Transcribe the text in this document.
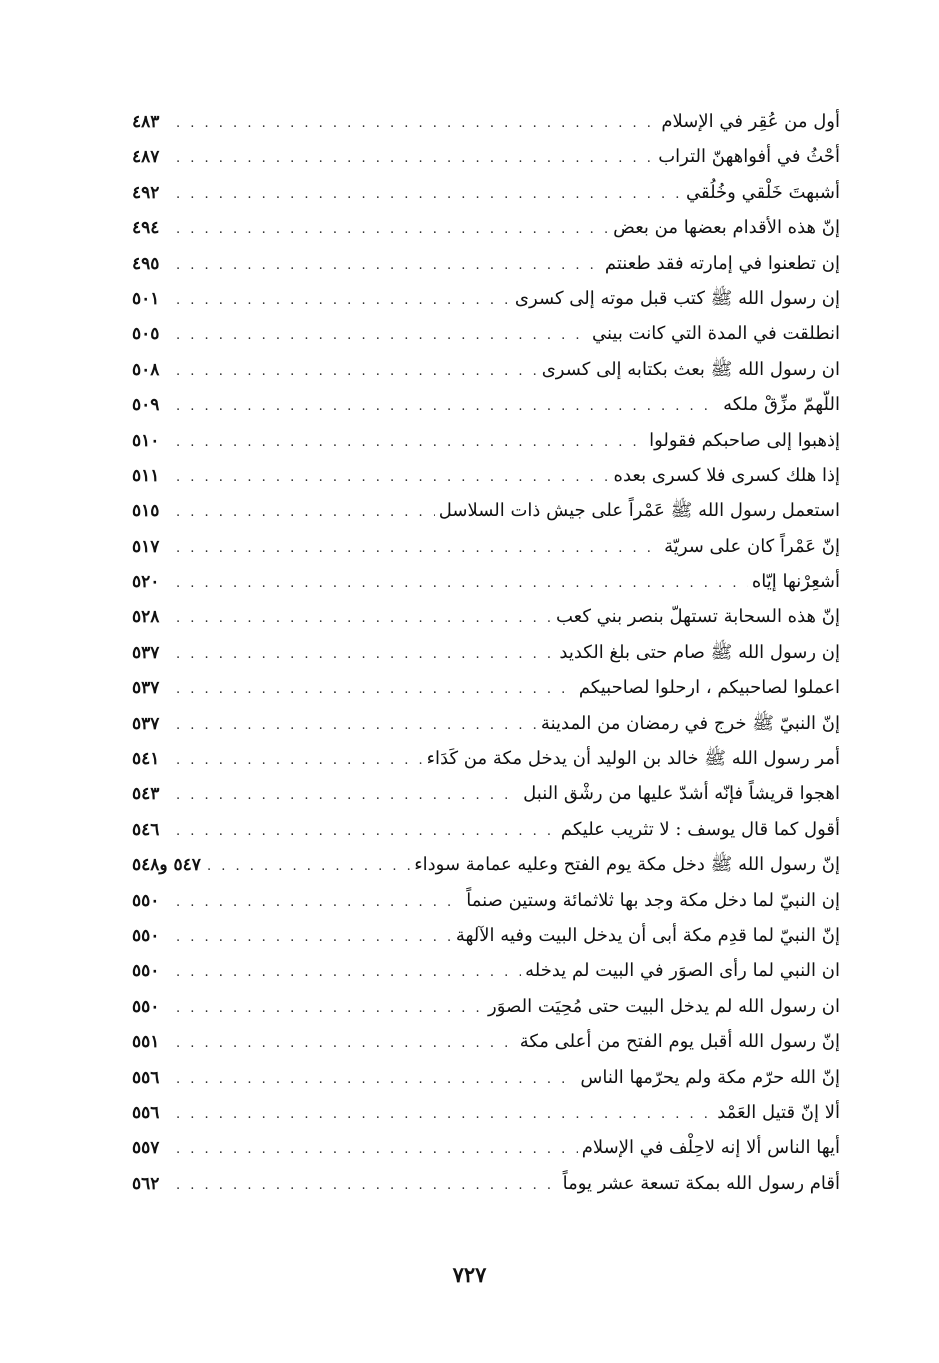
أول من عُقِر في الإسلام
. . .
٤٨٣
أحْثُ في أفواههنّ التراب
. . .
٤٨٧
أشبهتَ خَلْقي وخُلُقي
. . .
٤٩٢
إنّ هذه الأقدام بعضها من بعض
. . .
٤٩٤
إن تطعنوا في إمارته فقد طعنتم
. . .
٤٩٥
إن رسول الله ﷺ كتب قبل موته إلى كسرى
. . .
٥٠١
انطلقت في المدة التي كانت بيني
. . .
٥٠٥
ان رسول الله ﷺ بعث بكتابه إلى كسرى
. . .
٥٠٨
اللّهمّ مزِّقْ ملكه
. . .
٥٠٩
إذهبوا إلى صاحبكم فقولوا
. . .
٥١٠
إذا هلك كسرى فلا كسرى بعده
. . .
٥١١
استعمل رسول الله ﷺ عَمْراً على جيش ذات السلاسل
. . .
٥١٥
إنّ عَمْراً كان على سريّة
. . .
٥١٧
أشعِرْنها إيّاه
. . .
٥٢٠
إنّ هذه السحابة تستهلّ بنصر بني كعب
. . .
٥٢٨
إن رسول الله ﷺ صام حتى بلغ الكديد
. . .
٥٣٧
اعملوا لصاحبيكم ، ارحلوا لصاحبيكم
. . .
٥٣٧
إنّ النبيّ ﷺ خرج في رمضان من المدينة
. . .
٥٣٧
أمر رسول الله ﷺ خالد بن الوليد أن يدخل مكة من كَدَاء
. . .
٥٤١
اهجوا قريشاً فإنّه أشدّ عليها من رشْق النبل
. . .
٥٤٣
أقول كما قال يوسف : لا تثريب عليكم
. . .
٥٤٦
إنّ رسول الله ﷺ دخل مكة يوم الفتح وعليه عمامة سوداء
. . .
٥٤٧ و٥٤٨
إن النبيّ لما دخل مكة وجد بها ثلاثمائة وستين صنماً
. . .
٥٥٠
إنّ النبيّ لما قدِم مكة أبى أن يدخل البيت وفيه الآلهة
. . .
٥٥٠
ان النبي لما رأى الصوَر في البيت لم يدخله
. . .
٥٥٠
ان رسول الله لم يدخل البيت حتى مُحِيَت الصوَر
. . .
٥٥٠
إنّ رسول الله أقبل يوم الفتح من أعلى مكة
. . .
٥٥١
إنّ الله حرّم مكة ولم يحرّمها الناس
. . .
٥٥٦
ألا إنّ قتيل العَمْد
. . .
٥٥٦
أيها الناس ألا إنه لاحِلْف في الإسلام
. . .
٥٥٧
أقام رسول الله بمكة تسعة عشر يوماً
. . .
٥٦٢
٧٢٧
